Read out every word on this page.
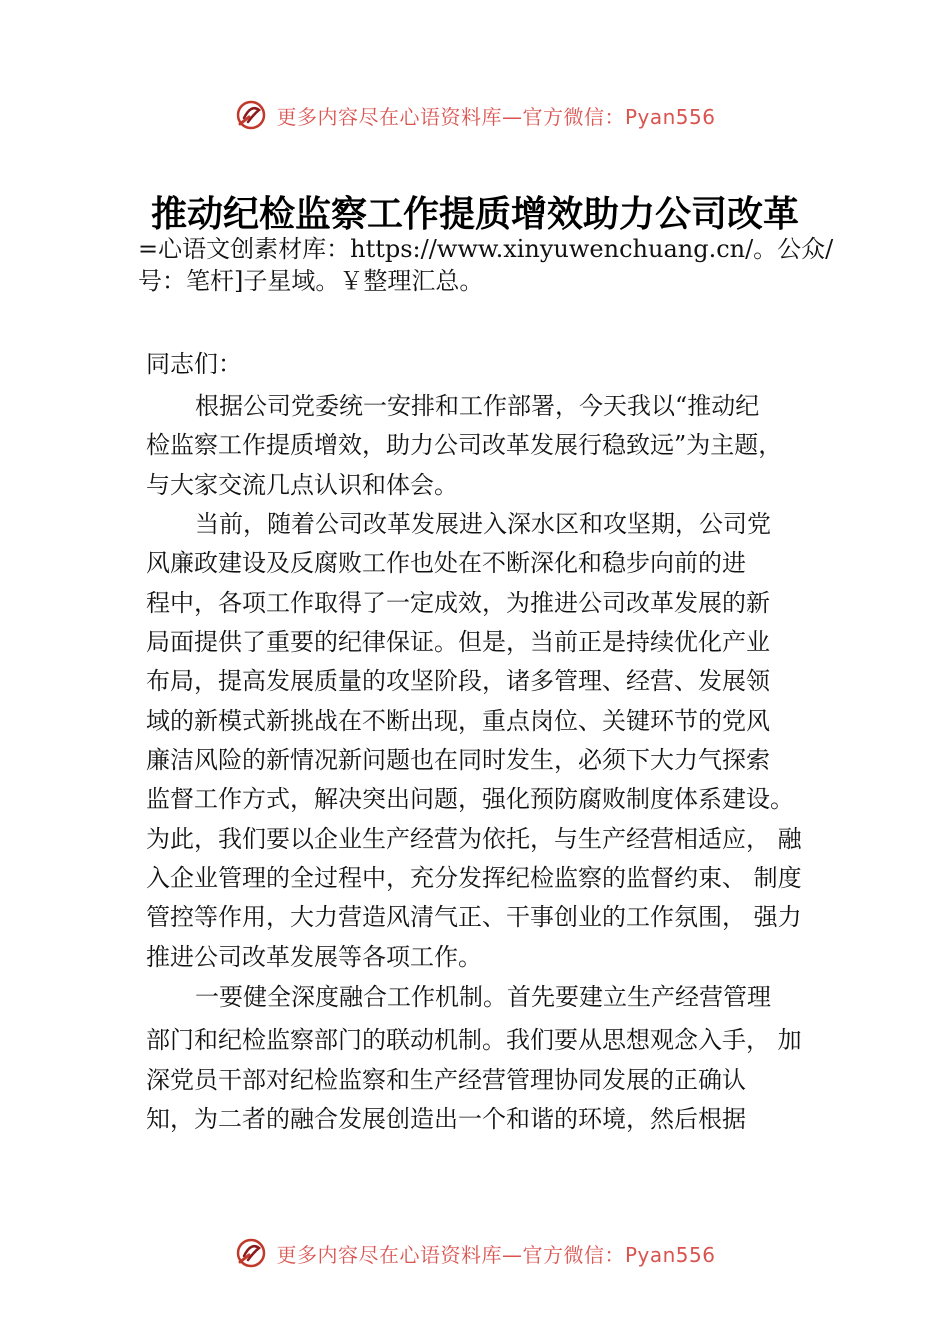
更多内容尽在心语资料库—官方微信：Pyan556
推动纪检监察工作提质增效助力公司改革
=心语文创素材库：https://www.xinyuwenchuang.cn/。公众/
号：笔杆]子星域。￥整理汇总。
同志们：
根据公司党委统一安排和工作部署，今天我以“推动纪
检监察工作提质增效，助力公司改革发展行稳致远”为主题，
与大家交流几点认识和体会。
当前，随着公司改革发展进入深水区和攻坚期，公司党
风廉政建设及反腐败工作也处在不断深化和稳步向前的进
程中，各项工作取得了一定成效，为推进公司改革发展的新
局面提供了重要的纪律保证。但是，当前正是持续优化产业
布局，提高发展质量的攻坚阶段，诸多管理、经营、发展领
域的新模式新挑战在不断出现，重点岗位、关键环节的党风
廉洁风险的新情况新问题也在同时发生，必须下大力气探索
监督工作方式，解决突出问题，强化预防腐败制度体系建设。
为此，我们要以企业生产经营为依托，与生产经营相适应， 融
入企业管理的全过程中，充分发挥纪检监察的监督约束、 制度
管控等作用，大力营造风清气正、干事创业的工作氛围， 强力
推进公司改革发展等各项工作。
一要健全深度融合工作机制。首先要建立生产经营管理
部门和纪检监察部门的联动机制。我们要从思想观念入手， 加
深党员干部对纪检监察和生产经营管理协同发展的正确认
知，为二者的融合发展创造出一个和谐的环境，然后根据
更多内容尽在心语资料库—官方微信：Pyan556
